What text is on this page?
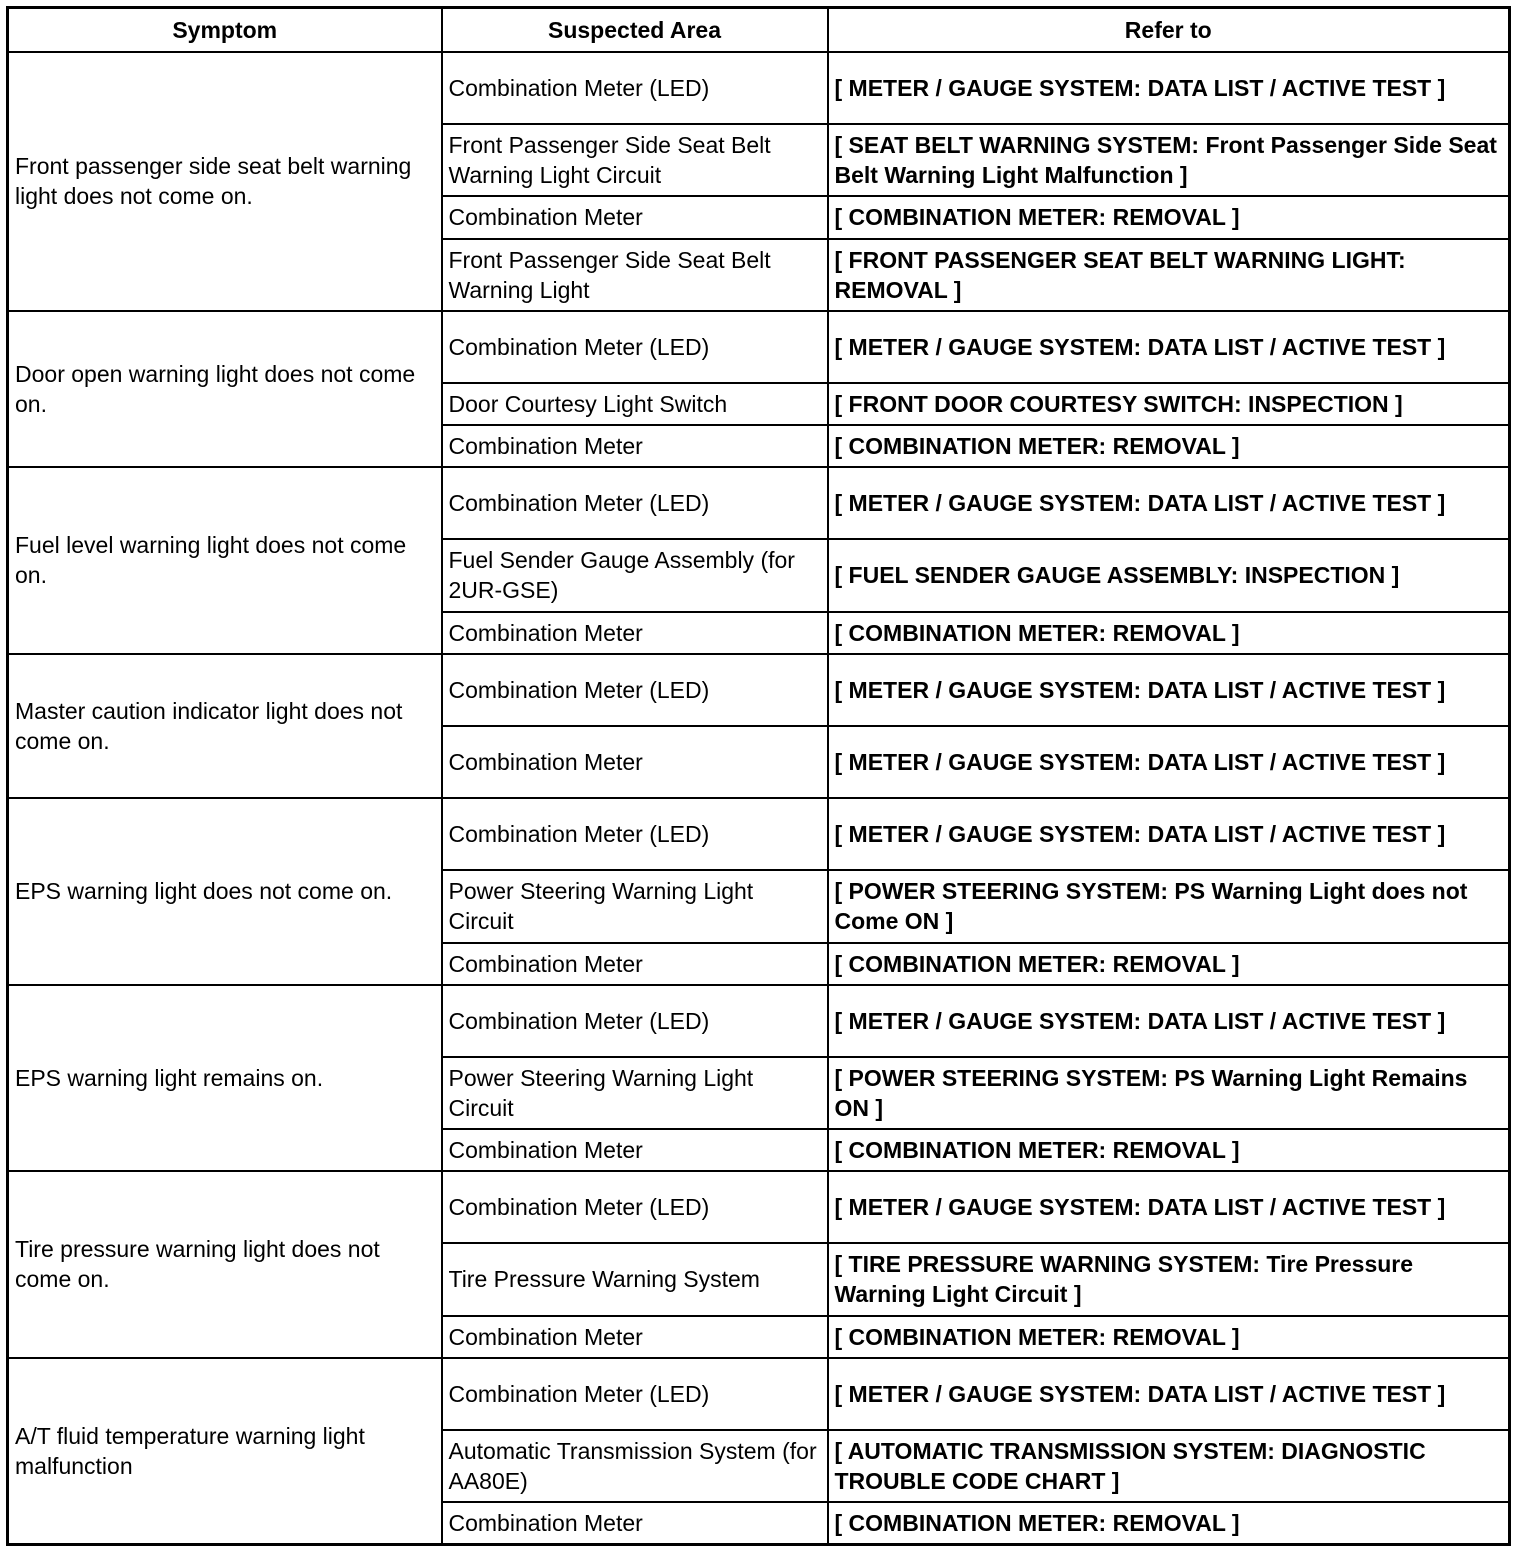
Symptom	Suspected Area	Refer to
Front passenger side seat belt warning light does not come on.	Combination Meter (LED)	[ METER / GAUGE SYSTEM: DATA LIST / ACTIVE TEST ]
	Front Passenger Side Seat Belt Warning Light Circuit	[ SEAT BELT WARNING SYSTEM: Front Passenger Side Seat Belt Warning Light Malfunction ]
	Combination Meter	[ COMBINATION METER: REMOVAL ]
	Front Passenger Side Seat Belt Warning Light	[ FRONT PASSENGER SEAT BELT WARNING LIGHT: REMOVAL ]
Door open warning light does not come on.	Combination Meter (LED)	[ METER / GAUGE SYSTEM: DATA LIST / ACTIVE TEST ]
	Door Courtesy Light Switch	[ FRONT DOOR COURTESY SWITCH: INSPECTION ]
	Combination Meter	[ COMBINATION METER: REMOVAL ]
Fuel level warning light does not come on.	Combination Meter (LED)	[ METER / GAUGE SYSTEM: DATA LIST / ACTIVE TEST ]
	Fuel Sender Gauge Assembly (for 2UR-GSE)	[ FUEL SENDER GAUGE ASSEMBLY: INSPECTION ]
	Combination Meter	[ COMBINATION METER: REMOVAL ]
Master caution indicator light does not come on.	Combination Meter (LED)	[ METER / GAUGE SYSTEM: DATA LIST / ACTIVE TEST ]
	Combination Meter	[ METER / GAUGE SYSTEM: DATA LIST / ACTIVE TEST ]
EPS warning light does not come on.	Combination Meter (LED)	[ METER / GAUGE SYSTEM: DATA LIST / ACTIVE TEST ]
	Power Steering Warning Light Circuit	[ POWER STEERING SYSTEM: PS Warning Light does not Come ON ]
	Combination Meter	[ COMBINATION METER: REMOVAL ]
EPS warning light remains on.	Combination Meter (LED)	[ METER / GAUGE SYSTEM: DATA LIST / ACTIVE TEST ]
	Power Steering Warning Light Circuit	[ POWER STEERING SYSTEM: PS Warning Light Remains ON ]
	Combination Meter	[ COMBINATION METER: REMOVAL ]
Tire pressure warning light does not come on.	Combination Meter (LED)	[ METER / GAUGE SYSTEM: DATA LIST / ACTIVE TEST ]
	Tire Pressure Warning System	[ TIRE PRESSURE WARNING SYSTEM: Tire Pressure Warning Light Circuit ]
	Combination Meter	[ COMBINATION METER: REMOVAL ]
A/T fluid temperature warning light malfunction	Combination Meter (LED)	[ METER / GAUGE SYSTEM: DATA LIST / ACTIVE TEST ]
	Automatic Transmission System (for AA80E)	[ AUTOMATIC TRANSMISSION SYSTEM: DIAGNOSTIC TROUBLE CODE CHART ]
	Combination Meter	[ COMBINATION METER: REMOVAL ]
